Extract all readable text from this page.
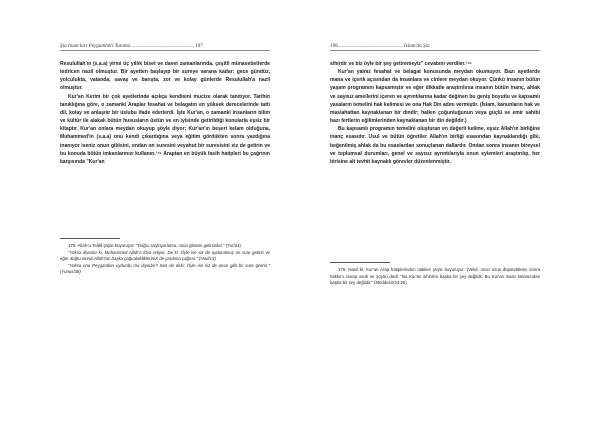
Şia İnancları Peygamberi Tanıma ................................................ 197

Resulullah'ın (s.a.a) yirmi üç yıllık biset ve davet zamanlarında, çeşitli münasebetlerde tedricen nazil olmuştur. Bir ayetten başlayıp bir sureye varana kadar; gece gündüz, yolculukta, vatanda, savaş ve barışta, zor ve kolay günlerde Resulullah'a nazil olmuştur.

Kur'an Kerim bir çok ayetlerinde açıkça kendisini mucize olarak tanıtıyor. Tarihin tanıklığına göre, o zamanki Araplar fesahat ve belagatın en yüksek derecelerinde tattı dil, kolay ve anlaşılır bir üslubu ifade ederlerdi. İşte Kur'an, o zamanki insanların bilim ve kültür ile alakalı bütün hususların üstün ve en iyisinde getirildiği konularla eşsiz bir kitaptır. Kur'an onlara meydan okuyup şöyle diyor; Kur'an'ın beşeri kelam olduğuna, Muhammed'in (s.a.a) onu kendi çıkardığına veya eğitim gördükten sonra yazdığına inanıyor iseniz onun gibisini, ondan on suresini veyahut bir suresisini siz de getirin ve bu konuda bütün imkanlarınızı kullanın.¹⁷⁵ Araptan en büyük fasih hatipleri bu çağrının karşısında "Kur'an

175- Allah-u Teâlâ şöyle buyuruyor: "Doğru söylüyorlarsa, onun gibisini getirsinler." (Tur/34)

"Yoksa diyorlar ki, Muhammed Allah'a iftira ediyor. De ki: Öyle ise siz de uydurulmuş on sure getirin ve eğer doğru iseniz Allah'tan başka çağırabildiklerinizi de yardıma çağırın." (Hud/13)

"Yoksa onu Peygamber uydurdu mu diyorlar? Sen de deki: Öyle ise siz de onun gibi bir sure getirin." (Yunus/38)

198 ................................................. İslam'da Şia

sihirdir ve biz öyle bir şey getiremeyiz" cevabını verdiler.¹⁷⁶

Kur'an yalnız fesahat ve belagat konusunda meydan okumuyor. Bazı ayetlerde mana ve içerik açısından da insanlara ve cinlere meydan okuyor. Çünkü insanın bütün yaşam programını kapsamıştır ve eğer dikkatle araştırılırsa insanın bütün inanç, ahlak ve sayısız amellerini içeren ve ayrıntılarına kadar değinen bu geniş boyutlu ve kapsamlı yasaların temelini hak kelimesi ve ona Hak Din adını vermiştir. (İslam, kanunların hak ve maslahattan kaynaklanan bir dindir; halkın çoğunluğunun veya güçlü ve emir sahibi bazı fertlerin eğilimlerinden kaynaklanan bir din değildir.)

Bu kapsamlı programın temelini oluşturan en değerli kelime, eşsiz Allah'ın birliğine inanç esasıdır. Usul ve bütün öğretiler Allah'ın birliği esasından kaynaklandığı gibi, beğenilmiş ahlak da bu esaslardan sonuçlanan dallardır. Ondan sonra insanın bireysel ve toplumsal durumları, genel ve sayısız ayrıntılarıyla onun eylemleri araştırılıp, her birisine alt tevhit kaynaklı görevler düzenlenmiştir.

176- Nasıl ki, Kur'an Arap hatiplerinden nakilen şöyle buyuruyor: (Velid, uzun uzun düşündükten sonra hakkını cevap verdi ve şöyle) dedi: "Bu Kur'an sihirden başka bir şey değildir. Bu Kur'an insan kelamından başka bir şey değildir." (Müddesir/24-25)
